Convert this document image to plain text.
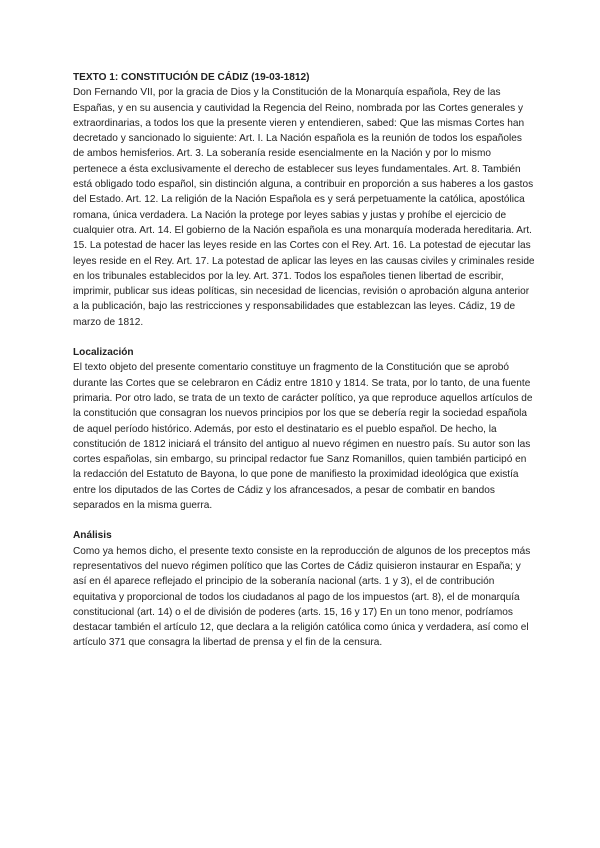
TEXTO 1: CONSTITUCIÓN DE CÁDIZ (19-03-1812)

Don Fernando VII, por la gracia de Dios y la Constitución de la Monarquía española, Rey de las Españas, y en su ausencia y cautividad la Regencia del Reino, nombrada por las Cortes generales y extraordinarias, a todos los que la presente vieren y entendieren, sabed: Que las mismas Cortes han decretado y sancionado lo siguiente: Art. I. La Nación española es la reunión de todos los españoles de ambos hemisferios. Art. 3. La soberanía reside esencialmente en la Nación y por lo mismo pertenece a ésta exclusivamente el derecho de establecer sus leyes fundamentales. Art. 8. También está obligado todo español, sin distinción alguna, a contribuir en proporción a sus haberes a los gastos del Estado. Art. 12. La religión de la Nación Española es y será perpetuamente la católica, apostólica romana, única verdadera. La Nación la protege por leyes sabias y justas y prohíbe el ejercicio de cualquier otra. Art. 14. El gobierno de la Nación española es una monarquía moderada hereditaria. Art. 15. La potestad de hacer las leyes reside en las Cortes con el Rey. Art. 16. La potestad de ejecutar las leyes reside en el Rey. Art. 17. La potestad de aplicar las leyes en las causas civiles y criminales reside en los tribunales establecidos por la ley. Art. 371. Todos los españoles tienen libertad de escribir, imprimir, publicar sus ideas políticas, sin necesidad de licencias, revisión o aprobación alguna anterior a la publicación, bajo las restricciones y responsabilidades que establezcan las leyes. Cádiz, 19 de marzo de 1812.

Localización

El texto objeto del presente comentario constituye un fragmento de la Constitución que se aprobó durante las Cortes que se celebraron en Cádiz entre 1810 y 1814. Se trata, por lo tanto, de una fuente primaria. Por otro lado, se trata de un texto de carácter político, ya que reproduce aquellos artículos de la constitución que consagran los nuevos principios por los que se debería regir la sociedad española de aquel período histórico. Además, por esto el destinatario es el pueblo español. De hecho, la constitución de 1812 iniciará el tránsito del antiguo al nuevo régimen en nuestro país. Su autor son las cortes españolas, sin embargo, su principal redactor fue Sanz Romanillos, quien también participó en la redacción del Estatuto de Bayona, lo que pone de manifiesto la proximidad ideológica que existía entre los diputados de las Cortes de Cádiz y los afrancesados, a pesar de combatir en bandos separados en la misma guerra.

Análisis

Como ya hemos dicho, el presente texto consiste en la reproducción de algunos de los preceptos más representativos del nuevo régimen político que las Cortes de Cádiz quisieron instaurar en España; y así en él aparece reflejado el principio de la soberanía nacional (arts. 1 y 3), el de contribución equitativa y proporcional de todos los ciudadanos al pago de los impuestos (art. 8), el de monarquía constitucional (art. 14) o el de división de poderes (arts. 15, 16 y 17) En un tono menor, podríamos destacar también el artículo 12, que declara a la religión católica como única y verdadera, así como el artículo 371 que consagra la libertad de prensa y el fin de la censura.
